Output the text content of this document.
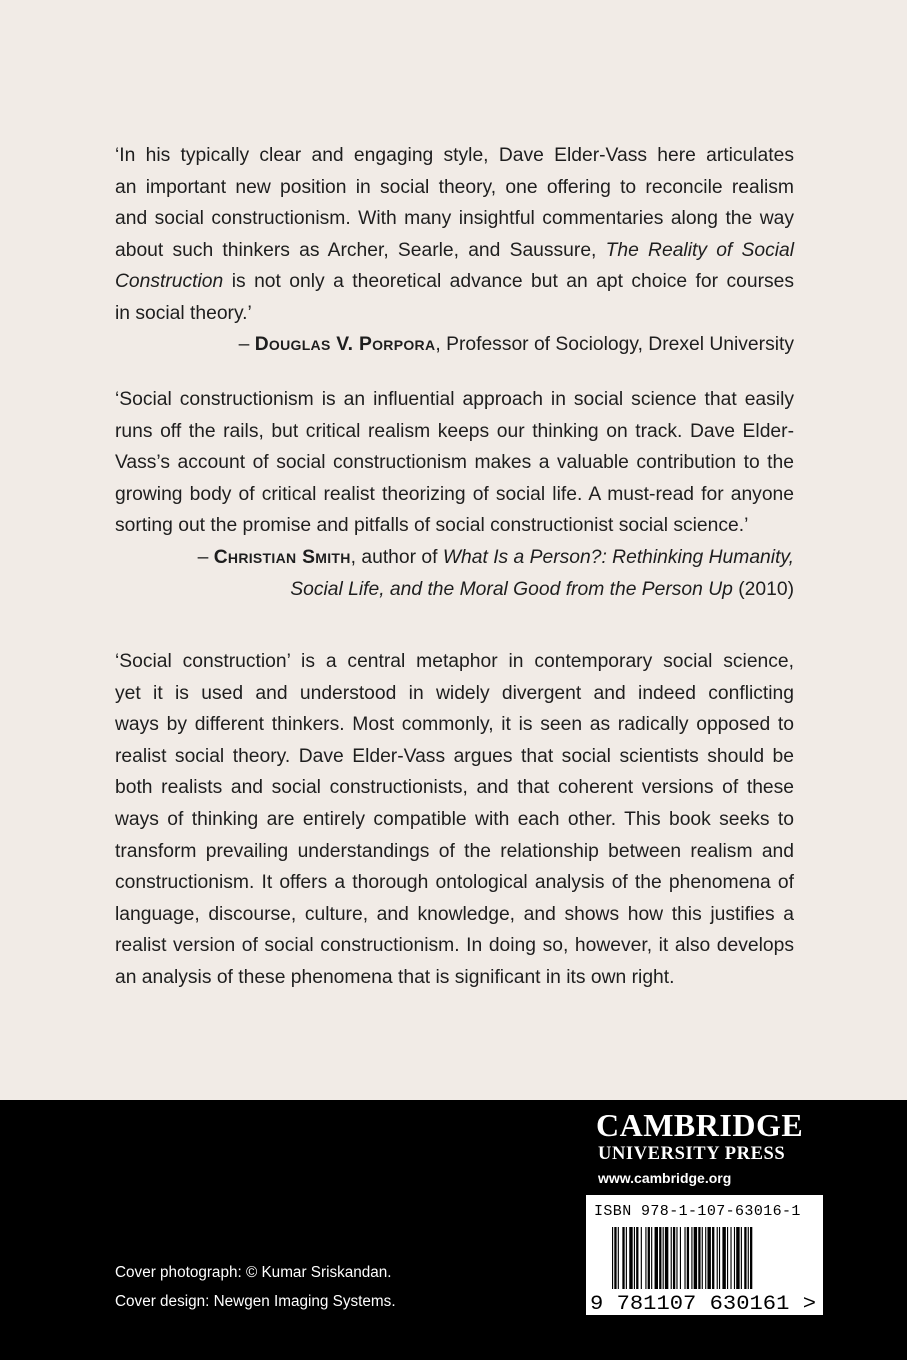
‘In his typically clear and engaging style, Dave Elder-Vass here articulates
an important new position in social theory, one offering to reconcile realism
and social constructionism. With many insightful commentaries along the way
about such thinkers as Archer, Searle, and Saussure, The Reality of Social
Construction is not only a theoretical advance but an apt choice for courses
in social theory.’
– Douglas V. Porpora, Professor of Sociology, Drexel University
‘Social constructionism is an influential approach in social science that easily
runs off the rails, but critical realism keeps our thinking on track. Dave Elder-
Vass’s account of social constructionism makes a valuable contribution to the
growing body of critical realist theorizing of social life. A must-read for anyone
sorting out the promise and pitfalls of social constructionist social science.’
– Christian Smith, author of What Is a Person?: Rethinking Humanity,
Social Life, and the Moral Good from the Person Up (2010)
‘Social construction’ is a central metaphor in contemporary social science,
yet it is used and understood in widely divergent and indeed conflicting
ways by different thinkers. Most commonly, it is seen as radically opposed to
realist social theory. Dave Elder-Vass argues that social scientists should be
both realists and social constructionists, and that coherent versions of these
ways of thinking are entirely compatible with each other. This book seeks to
transform prevailing understandings of the relationship between realism and
constructionism. It offers a thorough ontological analysis of the phenomena of
language, discourse, culture, and knowledge, and shows how this justifies a
realist version of social constructionism. In doing so, however, it also develops
an analysis of these phenomena that is significant in its own right.
CAMBRIDGE
UNIVERSITY PRESS
www.cambridge.org
ISBN 978-1-107-63016-1
9 781107 630161 >
Cover photograph: © Kumar Sriskandan.
Cover design: Newgen Imaging Systems.
